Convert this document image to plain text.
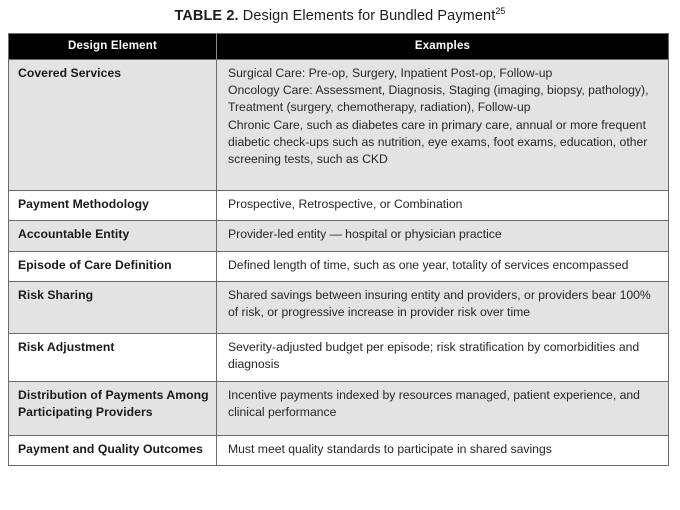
TABLE 2. Design Elements for Bundled Payment$^{25}$
Design Element	Examples
Covered Services	Surgical Care: Pre-op, Surgery, Inpatient Post-op, Follow-up
Oncology Care: Assessment, Diagnosis, Staging (imaging, biopsy, pathology), Treatment (surgery, chemotherapy, radiation), Follow-up
Chronic Care, such as diabetes care in primary care, annual or more frequent diabetic check-ups such as nutrition, eye exams, foot exams, education, other screening tests, such as CKD

Payment Methodology	Prospective, Retrospective, or Combination

Accountable Entity	Provider-led entity — hospital or physician practice

Episode of Care Definition	Defined length of time, such as one year, totality of services encompassed

Risk Sharing	Shared savings between insuring entity and providers, or providers bear 100% of risk, or progressive increase in provider risk over time

Risk Adjustment	Severity-adjusted budget per episode; risk stratification by comorbidities and diagnosis

Distribution of Payments Among Participating Providers	Incentive payments indexed by resources managed, patient experience, and clinical performance

Payment and Quality Outcomes	Must meet quality standards to participate in shared savings
